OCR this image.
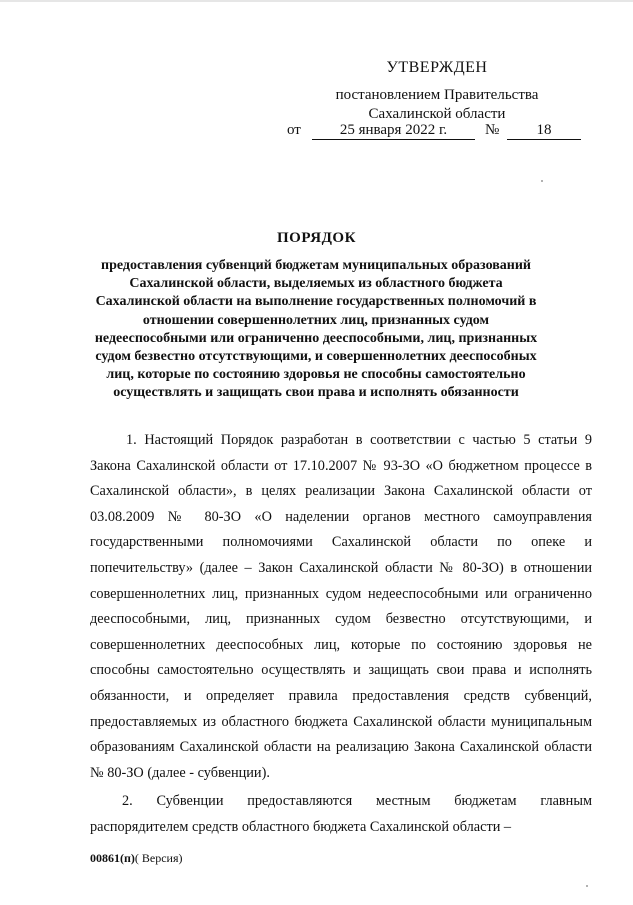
УТВЕРЖДЕН
постановлением Правительства
Сахалинской области
от	25 января 2022 г.	№	18
ПОРЯДОК
предоставления субвенций бюджетам муниципальных образований Сахалинской области, выделяемых из областного бюджета Сахалинской области на выполнение государственных полномочий в отношении совершеннолетних лиц, признанных судом недееспособными или ограниченно дееспособными, лиц, признанных судом безвестно отсутствующими, и совершеннолетних дееспособных лиц, которые по состоянию здоровья не способны самостоятельно осуществлять и защищать свои права и исполнять обязанности

1. Настоящий Порядок разработан в соответствии с частью 5 статьи 9 Закона Сахалинской области от 17.10.2007 № 93-ЗО «О бюджетном процессе в Сахалинской области», в целях реализации Закона Сахалинской области от 03.08.2009 № 80-ЗО «О наделении органов местного самоуправления государственными полномочиями Сахалинской области по опеке и попечительству» (далее – Закон Сахалинской области № 80-ЗО) в отношении совершеннолетних лиц, признанных судом недееспособными или ограниченно дееспособными, лиц, признанных судом безвестно отсутствующими, и совершеннолетних дееспособных лиц, которые по состоянию здоровья не способны самостоятельно осуществлять и защищать свои права и исполнять обязанности, и определяет правила предоставления средств субвенций, предоставляемых из областного бюджета Сахалинской области муниципальным образованиям Сахалинской области на реализацию Закона Сахалинской области № 80-ЗО (далее - субвенции).

2. Субвенции предоставляются местным бюджетам главным распорядителем средств областного бюджета Сахалинской области –

00861(п)( Версия)
